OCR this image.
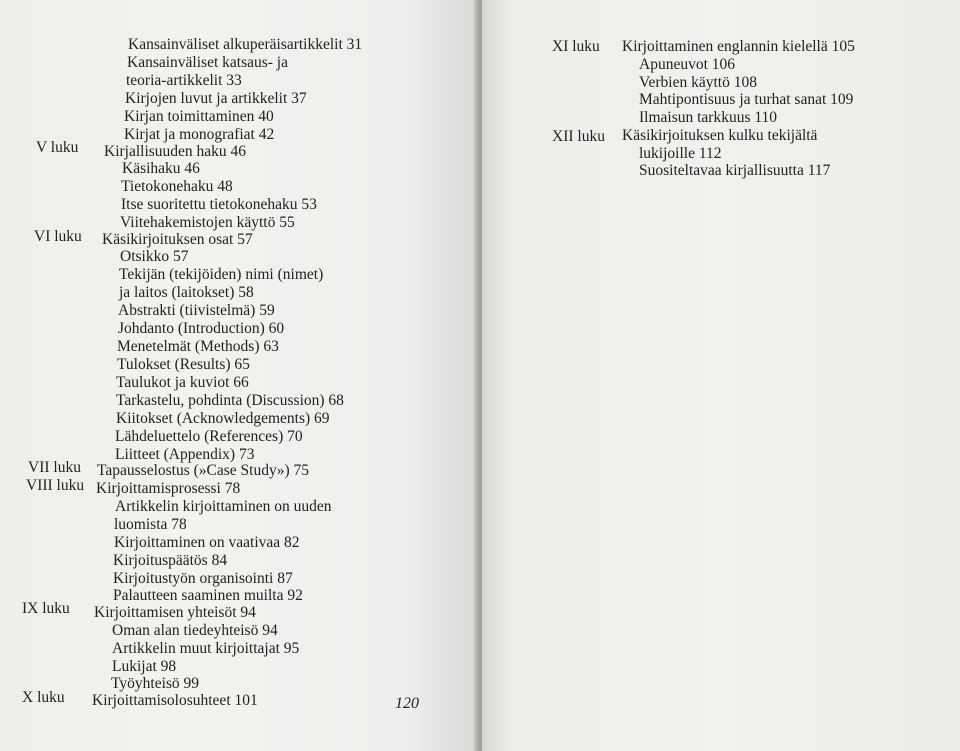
Kansainväliset alkuperäisartikkelit 31
Kansainväliset katsaus- ja
teoria-artikkelit 33
Kirjojen luvut ja artikkelit 37
Kirjan toimittaminen 40
Kirjat ja monografiat 42
V luku Kirjallisuuden haku 46
Käsihaku 46
Tietokonehaku 48
Itse suoritettu tietokonehaku 53
Viitehakemistojen käyttö 55
VI luku Käsikirjoituksen osat 57
Otsikko 57
Tekijän (tekijöiden) nimi (nimet)
ja laitos (laitokset) 58
Abstrakti (tiivistelmä) 59
Johdanto (Introduction) 60
Menetelmät (Methods) 63
Tulokset (Results) 65
Taulukot ja kuviot 66
Tarkastelu, pohdinta (Discussion) 68
Kiitokset (Acknowledgements) 69
Lähdeluettelo (References) 70
Liitteet (Appendix) 73
VII luku Tapausselostus (»Case Study») 75
VIII luku Kirjoittamisprosessi 78
Artikkelin kirjoittaminen on uuden
luomista 78
Kirjoittaminen on vaativaa 82
Kirjoituspäätös 84
Kirjoitustyön organisointi 87
Palautteen saaminen muilta 92
IX luku Kirjoittamisen yhteisöt 94
Oman alan tiedeyhteisö 94
Artikkelin muut kirjoittajat 95
Lukijat 98
Työyhteisö 99
X luku Kirjoittamisolosuhteet 101	120
XI luku Kirjoittaminen englannin kielellä 105
Apuneuvot 106
Verbien käyttö 108
Mahtipontisuus ja turhat sanat 109
Ilmaisun tarkkuus 110
XII luku Käsikirjoituksen kulku tekijältä
lukijoille 112
Suositeltavaa kirjallisuutta 117
